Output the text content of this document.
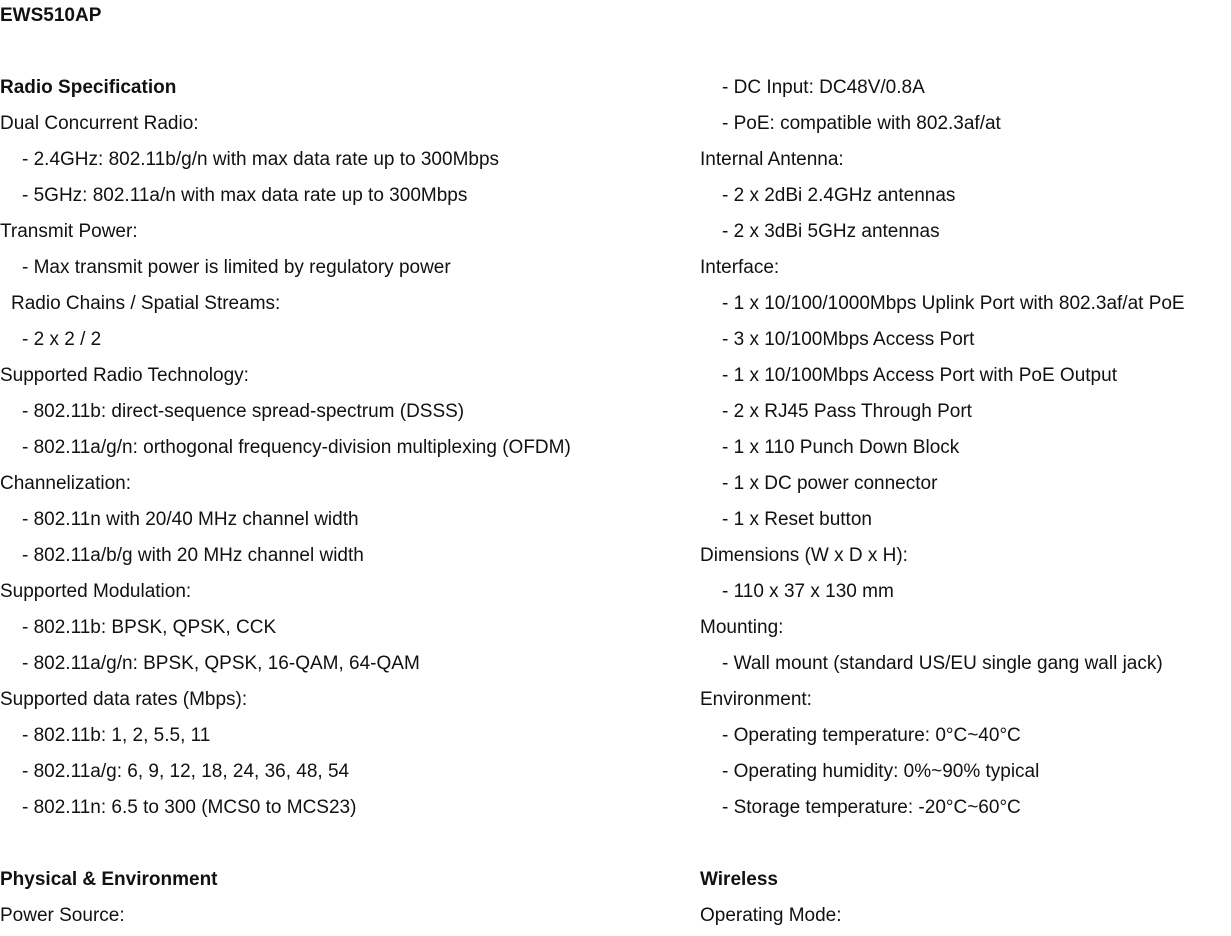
EWS510AP
Radio Specification
Dual Concurrent Radio:
- 2.4GHz: 802.11b/g/n with max data rate up to 300Mbps
- 5GHz: 802.11a/n with max data rate up to 300Mbps
Transmit Power:
- Max transmit power is limited by regulatory power
Radio Chains / Spatial Streams:
- 2 x 2 / 2
Supported Radio Technology:
- 802.11b: direct-sequence spread-spectrum (DSSS)
- 802.11a/g/n: orthogonal frequency-division multiplexing (OFDM)
Channelization:
- 802.11n with 20/40 MHz channel width
- 802.11a/b/g with 20 MHz channel width
Supported Modulation:
- 802.11b: BPSK, QPSK, CCK
- 802.11a/g/n: BPSK, QPSK, 16-QAM, 64-QAM
Supported data rates (Mbps):
- 802.11b: 1, 2, 5.5, 11
- 802.11a/g: 6, 9, 12, 18, 24, 36, 48, 54
- 802.11n: 6.5 to 300 (MCS0 to MCS23)
Physical & Environment
Power Source:
- DC Input: DC48V/0.8A
- PoE: compatible with 802.3af/at
Internal Antenna:
- 2 x 2dBi 2.4GHz antennas
- 2 x 3dBi 5GHz antennas
Interface:
- 1 x 10/100/1000Mbps Uplink Port with 802.3af/at PoE
- 3 x 10/100Mbps Access Port
- 1 x 10/100Mbps Access Port with PoE Output
- 2 x RJ45 Pass Through Port
- 1 x 110 Punch Down Block
- 1 x DC power connector
- 1 x Reset button
Dimensions (W x D x H):
- 110 x 37 x 130 mm
Mounting:
- Wall mount (standard US/EU single gang wall jack)
Environment:
- Operating temperature: 0°C~40°C
- Operating humidity: 0%~90% typical
- Storage temperature: -20°C~60°C
Wireless
Operating Mode:
